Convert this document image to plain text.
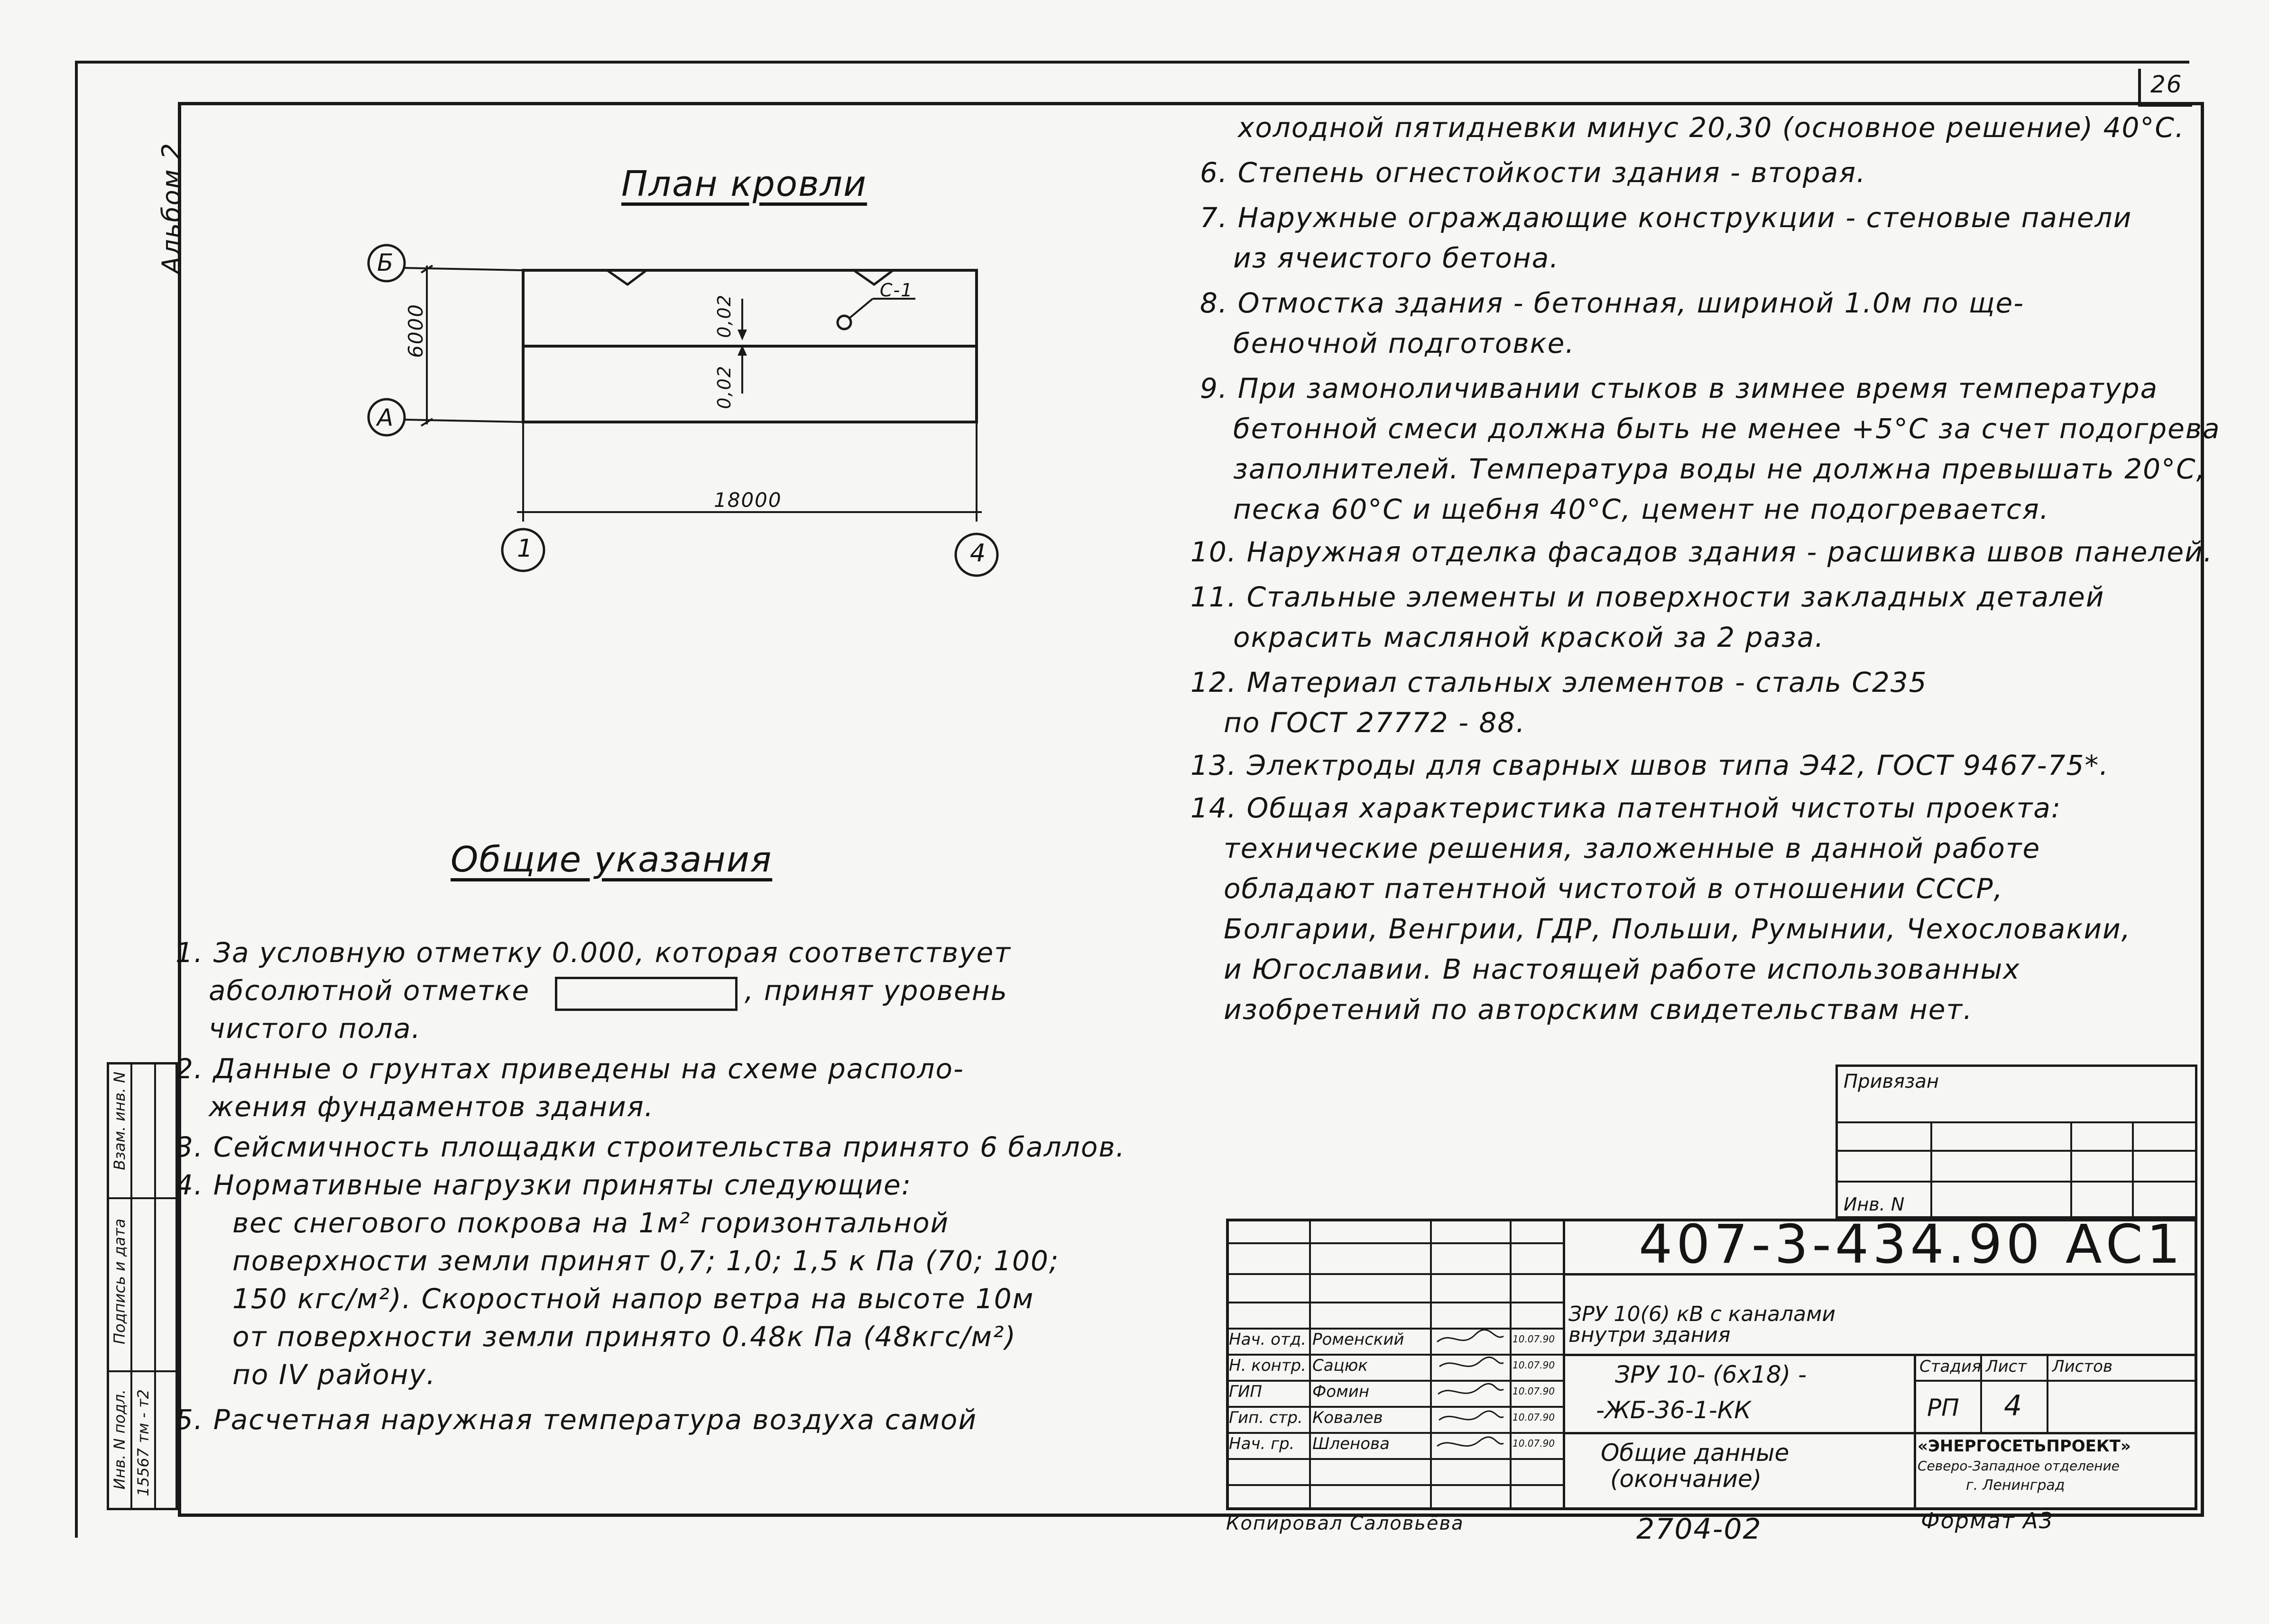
26
Альбом 2	План кровли
Б
А
1	4
18000
6000	0,02
0,02
С-1
Общие указания
1. За условную отметку 0.000, которая соответствует
абсолютной отметке	, принят уровень
чистого пола.
2. Данные о грунтах приведены на схеме располо-
жения фундаментов здания.
3. Сейсмичность площадки строительства принято 6 баллов.
4. Нормативные нагрузки приняты следующие:
вес снегового покрова на 1м² горизонтальной
поверхности земли принят 0,7; 1,0; 1,5 к Па (70; 100;
150 кгс/м²). Скоростной напор ветра на высоте 10м
от поверхности земли принято 0.48к Па (48кгс/м²)
по IV району.
5. Расчетная наружная температура воздуха самой
холодной пятидневки минус 20,30 (основное решение) 40°С.
6. Степень огнестойкости здания - вторая.
7. Наружные ограждающие конструкции - стеновые панели
из ячеистого бетона.
8. Отмостка здания - бетонная, шириной 1.0м по ще-
беночной подготовке.
9. При замоноличивании стыков в зимнее время температура
бетонной смеси должна быть не менее +5°С за счет подогрева
заполнителей. Температура воды не должна превышать 20°С,
песка 60°С и щебня 40°С, цемент не подогревается.
10. Наружная отделка фасадов здания - расшивка швов панелей.
11. Стальные элементы и поверхности закладных деталей
окрасить масляной краской за 2 раза.
12. Материал стальных элементов - сталь С235
по ГОСТ 27772 - 88.
13. Электроды для сварных швов типа Э42, ГОСТ 9467-75*.
14. Общая характеристика патентной чистоты проекта:
технические решения, заложенные в данной работе
обладают патентной чистотой в отношении СССР,
Болгарии, Венгрии, ГДР, Польши, Румынии, Чехословакии,
и Югославии. В настоящей работе использованных
изобретений по авторским свидетельствам нет.
Привязан
Инв. N
Нач. отд. Роменский	10.07.90
Н. контр. Сацюк	10.07.90
ГИП	Фомин	10.07.90
Гип. стр. Ковалев	10.07.90
Нач. гр. Шленова	10.07.90
407-3-434.90 АС1
ЗРУ 10(6) кВ с каналами внутри здания
ЗРУ 10- (6х18) -
-ЖБ-36-1-КК
Общие данные
(окончание)
Стадия Лист Листов
РП 4
«ЭНЕРГОСЕТЬПРОЕКТ»
Северо-Западное отделение
г. Ленинград
Копировал Саловьёва	2704-02	Формат А3
Инв. N подл. 15567 тм - т2
Подпись и дата
Взам. инв. N
